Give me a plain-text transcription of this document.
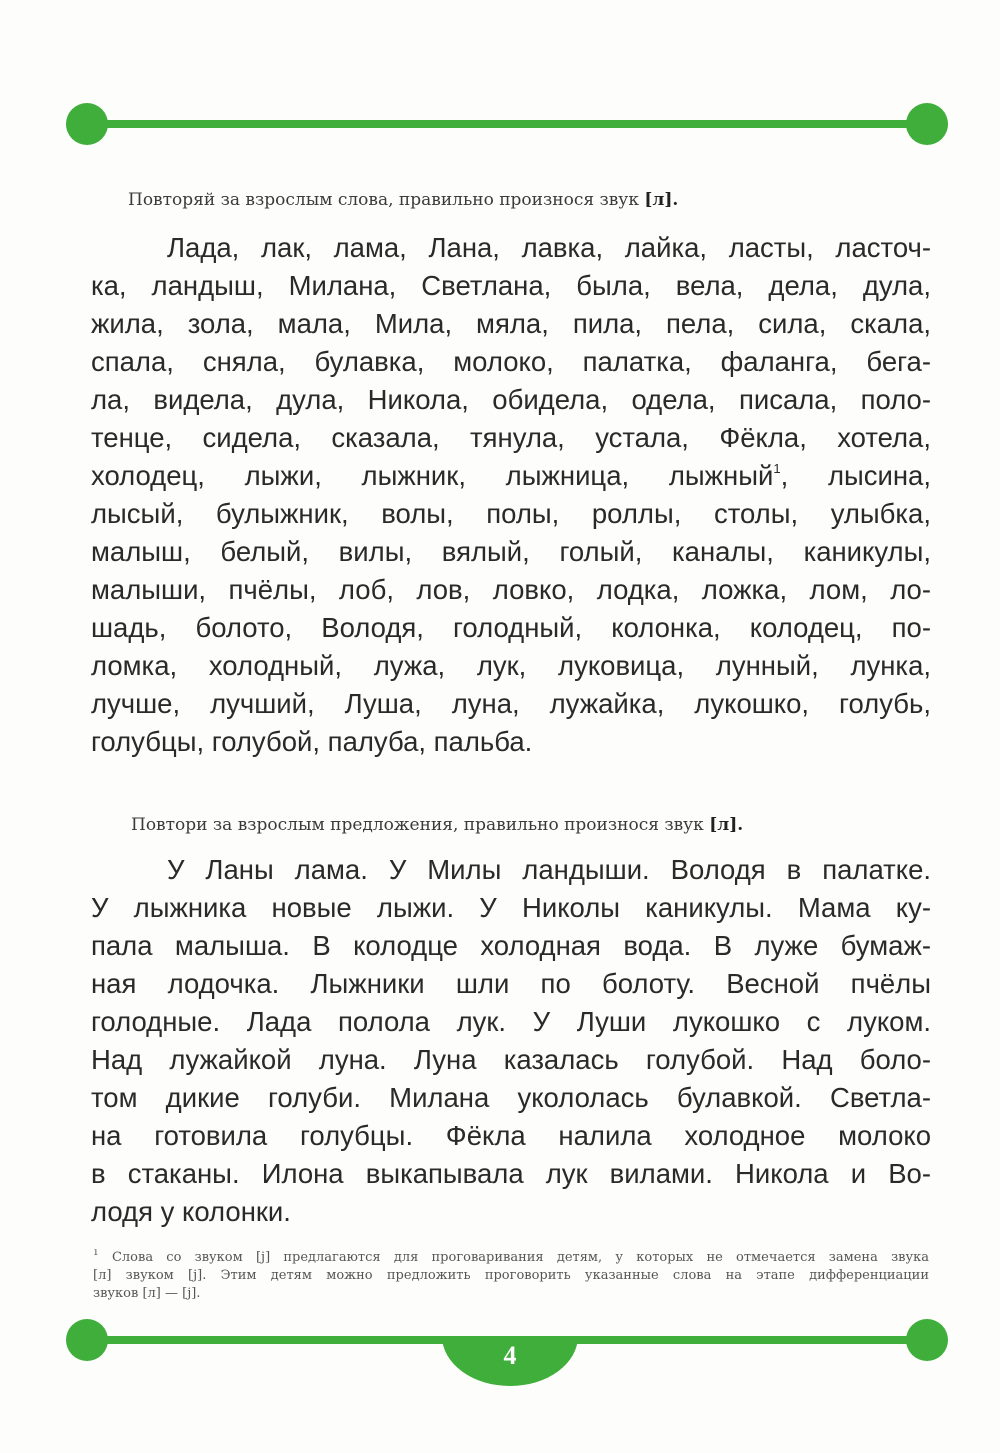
Повторяй за взрослым слова, правильно произнося звук [л].
Лада, лак, лама, Лана, лавка, лайка, ласты, ласточ-
ка, ландыш, Милана, Светлана, была, вела, дела, дула,
жила, зола, мала, Мила, мяла, пила, пела, сила, скала,
спала, сняла, булавка, молоко, палатка, фаланга, бега-
ла, видела, дула, Никола, обидела, одела, писала, поло-
тенце, сидела, сказала, тянула, устала, Фёкла, хотела,
холодец, лыжи, лыжник, лыжница, лыжный$^1$, лысина,
лысый, булыжник, волы, полы, роллы, столы, улыбка,
малыш, белый, вилы, вялый, голый, каналы, каникулы,
малыши, пчёлы, лоб, лов, ловко, лодка, ложка, лом, ло-
шадь, болото, Володя, голодный, колонка, колодец, по-
ломка, холодный, лужа, лук, луковица, лунный, лунка,
лучше, лучший, Луша, луна, лужайка, лукошко, голубь,
голубцы, голубой, палуба, пальба.
Повтори за взрослым предложения, правильно произнося звук [л].
У Ланы лама. У Милы ландыши. Володя в палатке.
У лыжника новые лыжи. У Николы каникулы. Мама ку-
пала малыша. В колодце холодная вода. В луже бумаж-
ная лодочка. Лыжники шли по болоту. Весной пчёлы
голодные. Лада полола лук. У Луши лукошко с луком.
Над лужайкой луна. Луна казалась голубой. Над боло-
том дикие голуби. Милана укололась булавкой. Светла-
на готовила голубцы. Фёкла налила холодное молоко
в стаканы. Илона выкапывала лук вилами. Никола и Во-
лодя у колонки.
$^1$ Слова со звуком [j] предлагаются для проговаривания детям, у которых не отмечается замена звука
[л] звуком [j]. Этим детям можно предложить проговорить указанные слова на этапе дифференциации
звуков [л] — [j].
4
